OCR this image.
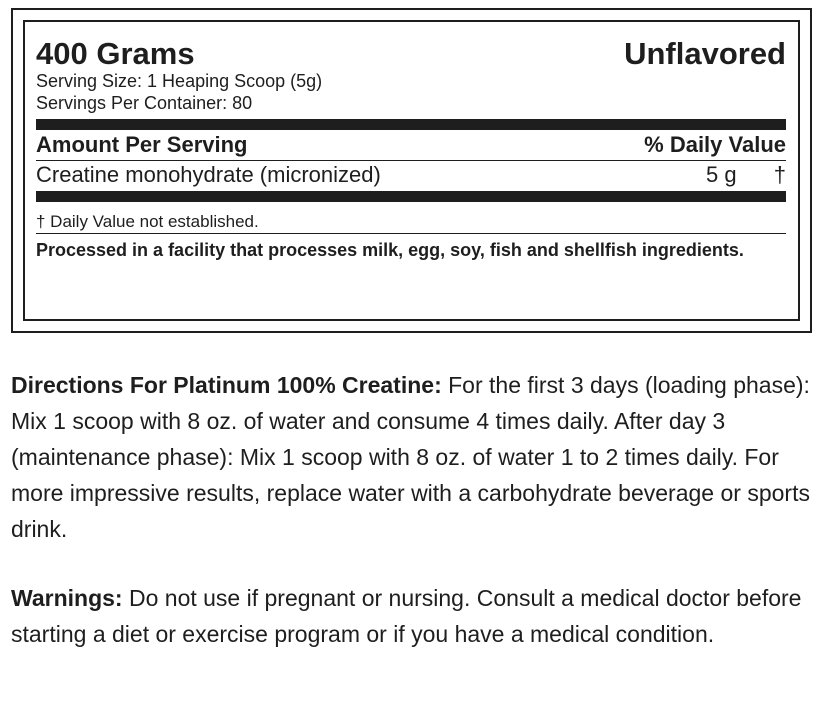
400 Grams	Unflavored
Serving Size: 1 Heaping Scoop (5g)
Servings Per Container: 80
Amount Per Serving	% Daily Value
Creatine monohydrate (micronized)	5 g	†
† Daily Value not established.
Processed in a facility that processes milk, egg, soy, fish and shellfish ingredients.
Directions For Platinum 100% Creatine: For the first 3 days (loading phase): Mix 1 scoop with 8 oz. of water and consume 4 times daily. After day 3 (maintenance phase): Mix 1 scoop with 8 oz. of water 1 to 2 times daily. For more impressive results, replace water with a carbohydrate beverage or sports drink.
Warnings: Do not use if pregnant or nursing. Consult a medical doctor before starting a diet or exercise program or if you have a medical condition.
